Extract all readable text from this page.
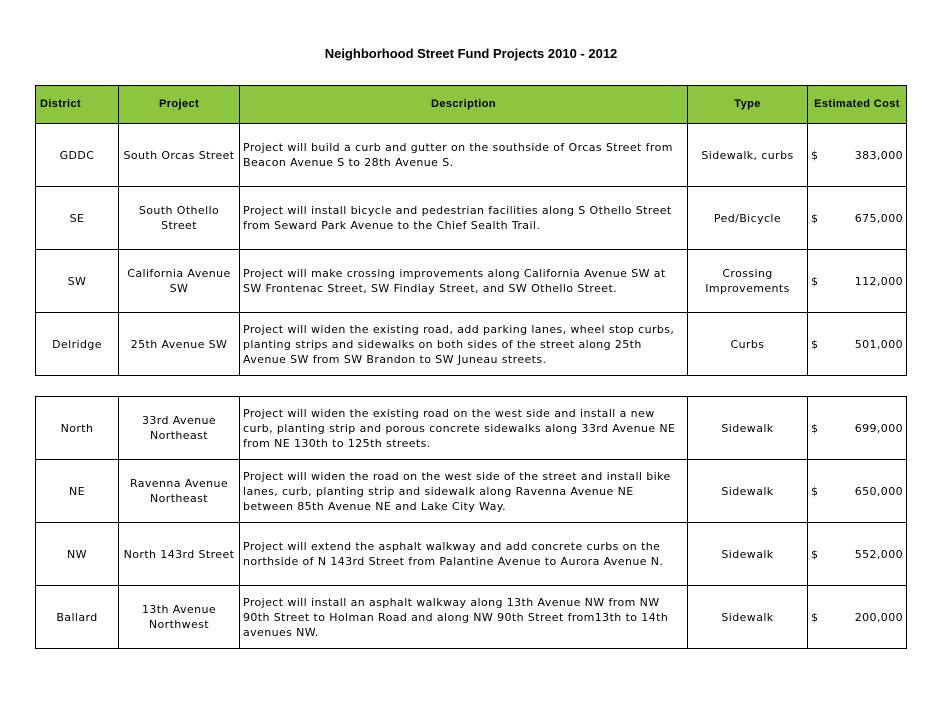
Neighborhood Street Fund Projects 2010 - 2012
District	Project	Description	Type	Estimated Cost
GDDC	South Orcas Street	Project will build a curb and gutter on the southside of Orcas Street from Beacon Avenue S to 28th Avenue S.	Sidewalk, curbs	$ 383,000

SE	South Othello Street	Project will install bicycle and pedestrian facilities along S Othello Street from Seward Park Avenue to the Chief Sealth Trail.	Ped/Bicycle	$ 675,000

SW	California Avenue SW	Project will make crossing improvements along California Avenue SW at SW Frontenac Street, SW Findlay Street, and SW Othello Street.	Crossing Improvements	$ 112,000

Delridge	25th Avenue SW	Project will widen the existing road, add parking lanes, wheel stop curbs, planting strips and sidewalks on both sides of the street along 25th Avenue SW from SW Brandon to SW Juneau streets.	Curbs	$ 501,000
North	33rd Avenue Northeast	Project will widen the existing road on the west side and install a new curb, planting strip and porous concrete sidewalks along 33rd Avenue NE from NE 130th to 125th streets.	Sidewalk	$ 699,000

NE	Ravenna Avenue Northeast	Project will widen the road on the west side of the street and install bike lanes, curb, planting strip and sidewalk along Ravenna Avenue NE between 85th Avenue NE and Lake City Way.	Sidewalk	$ 650,000

NW	North 143rd Street	Project will extend the asphalt walkway and add concrete curbs on the northside of N 143rd Street from Palantine Avenue to Aurora Avenue N.	Sidewalk	$ 552,000

Ballard	13th Avenue Northwest	Project will install an asphalt walkway along 13th Avenue NW from NW 90th Street to Holman Road and along NW 90th Street from13th to 14th avenues NW.	Sidewalk	$ 200,000
